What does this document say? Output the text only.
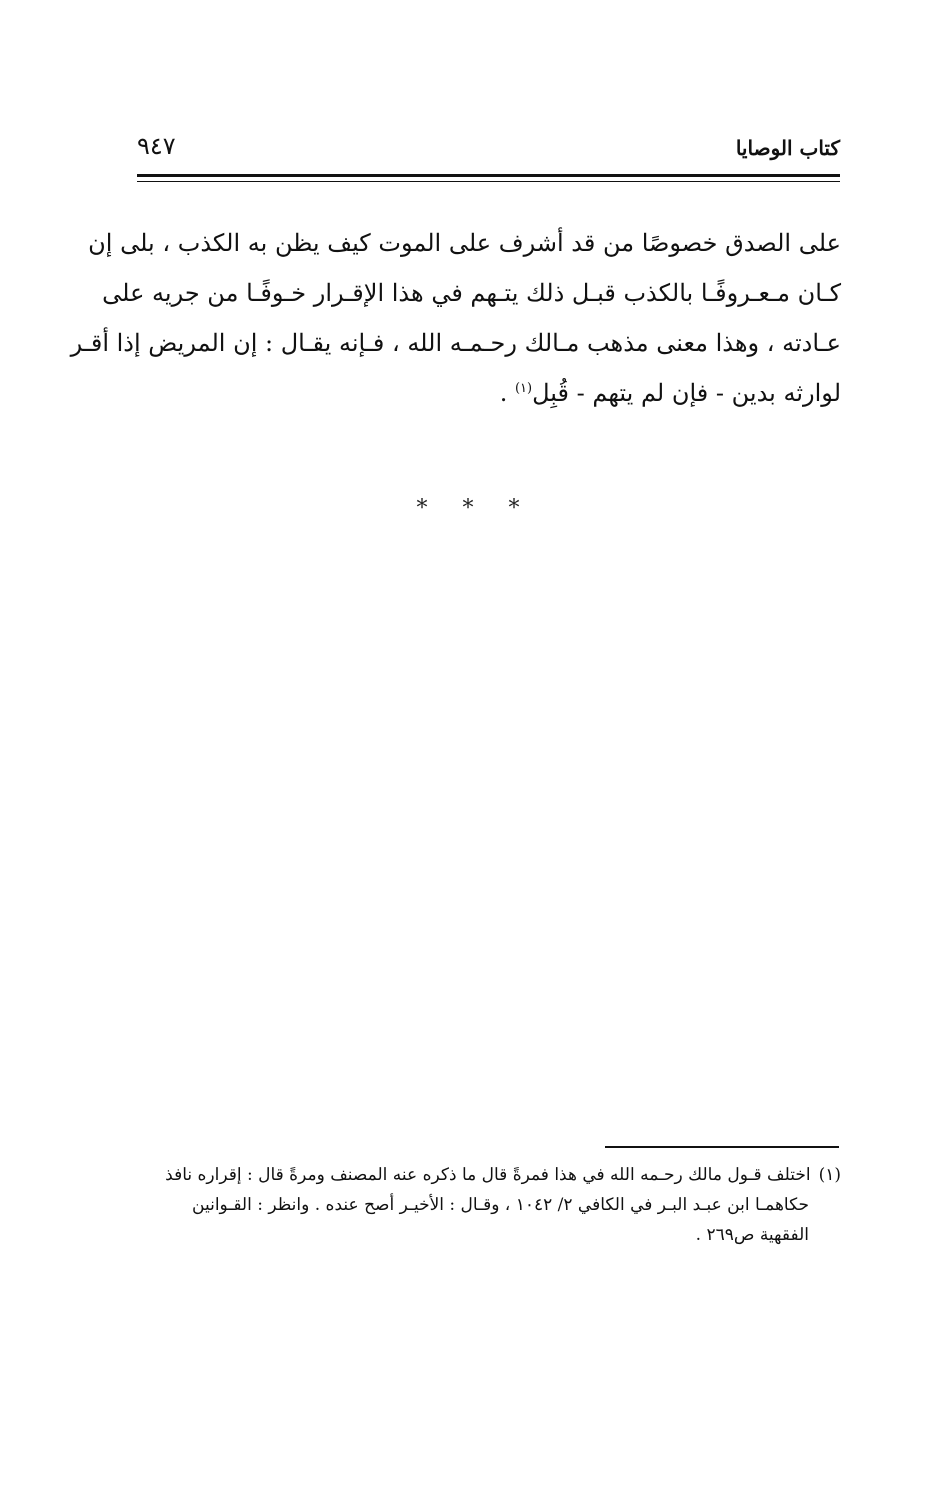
كتاب الوصايا
٩٤٧
على الصدق خصوصًا من قد أشرف على الموت كيف يظن به الكذب ، بلى إن
كـان مـعـروفًـا بالكذب قبـل ذلك يتـهم في هذا الإقـرار خـوفًـا من جريه على
عـادته ، وهذا معنى مذهب مـالك رحـمـه الله ، فـإنه يقـال : إن المريض إذا أقـر
لوارثه بدين - فإن لم يتهم - قُبِل$^{(١)}$ .
* * *
(١)اختلف قـول مالك رحـمه الله في هذا فمرةً قال ما ذكره عنه المصنف ومرةً قال : إقراره نافذ
حكاهمـا ابن عبـد البـر في الكافي ٢/ ١٠٤٢ ، وقـال : الأخيـر أصح عنده . وانظر : القـوانين
الفقهية ص٢٦٩ .
